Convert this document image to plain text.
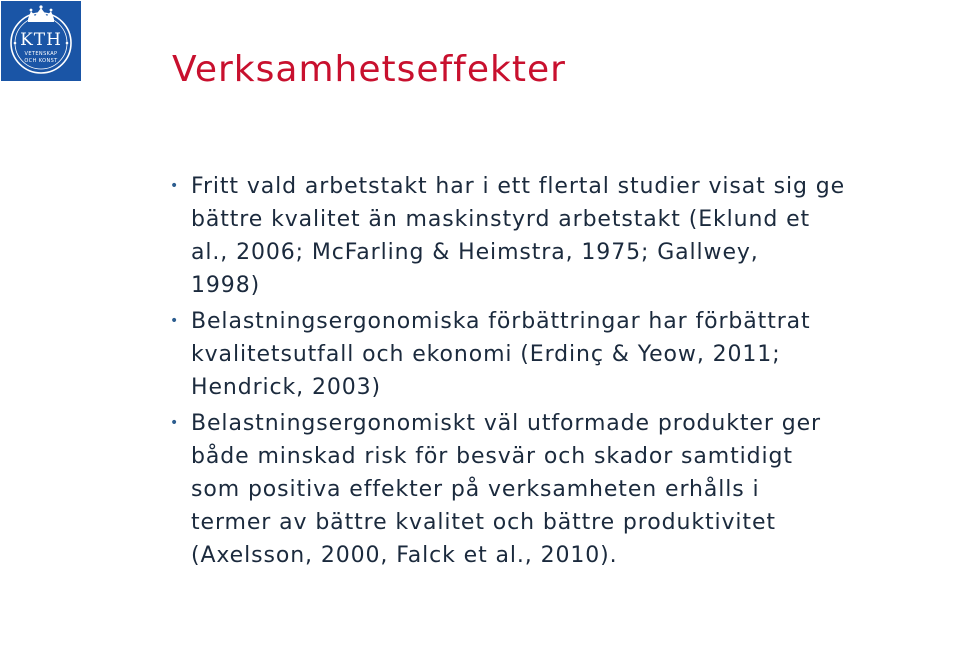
KTH
VETENSKAP
OCH KONST	Verksamhetseffekter
• Fritt vald arbetstakt har i ett flertal studier visat sig ge
bättre kvalitet än maskinstyrd arbetstakt (Eklund et
al., 2006; McFarling & Heimstra, 1975; Gallwey,
1998)
• Belastningsergonomiska förbättringar har förbättrat
kvalitetsutfall och ekonomi (Erdinç & Yeow, 2011;
Hendrick, 2003)
• Belastningsergonomiskt väl utformade produkter ger
både minskad risk för besvär och skador samtidigt
som positiva effekter på verksamheten erhålls i
termer av bättre kvalitet och bättre produktivitet
(Axelsson, 2000, Falck et al., 2010).
